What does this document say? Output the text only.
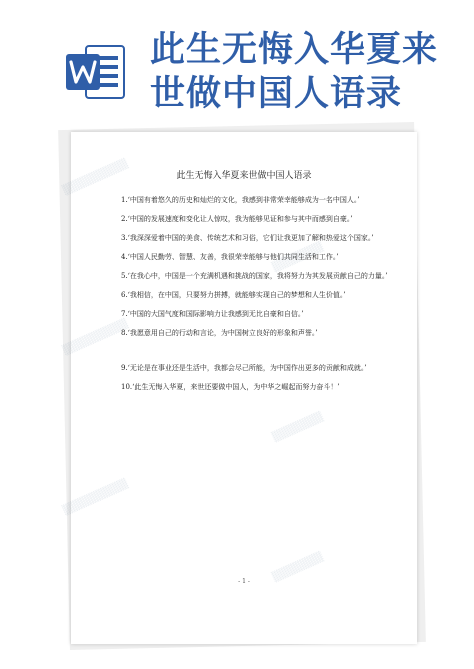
此生无悔入华夏来
世做中国人语录
▒▒▒▒▒▒▒▒▒
▒▒▒▒▒▒▒▒▒
▒▒▒▒▒▒▒▒▒
▒▒▒▒▒▒▒
▒▒▒▒▒▒▒
▒▒▒▒▒▒▒
此生无悔入华夏来世做中国人语录

1.‘中国有着悠久的历史和灿烂的文化，我感到非常荣幸能够成为一名中国人。’

2.‘中国的发展速度和变化让人惊叹，我为能够见证和参与其中而感到自豪。’

3.‘我深深爱着中国的美食、传统艺术和习俗，它们让我更加了解和热爱这个国家。’

4.‘中国人民勤劳、智慧、友善，我很荣幸能够与他们共同生活和工作。’

5.‘在我心中，中国是一个充满机遇和挑战的国家，我将努力为其发展贡献自己的力量。’

6.‘我相信，在中国，只要努力拼搏，就能够实现自己的梦想和人生价值。’

7.‘中国的大国气度和国际影响力让我感到无比自豪和自信。’

8.‘我愿意用自己的行动和言论，为中国树立良好的形象和声誉。’

9.‘无论是在事业还是生活中，我都会尽己所能，为中国作出更多的贡献和成就。’

10.‘此生无悔入华夏，来世还要做中国人，为中华之崛起而努力奋斗！’

- 1 -
